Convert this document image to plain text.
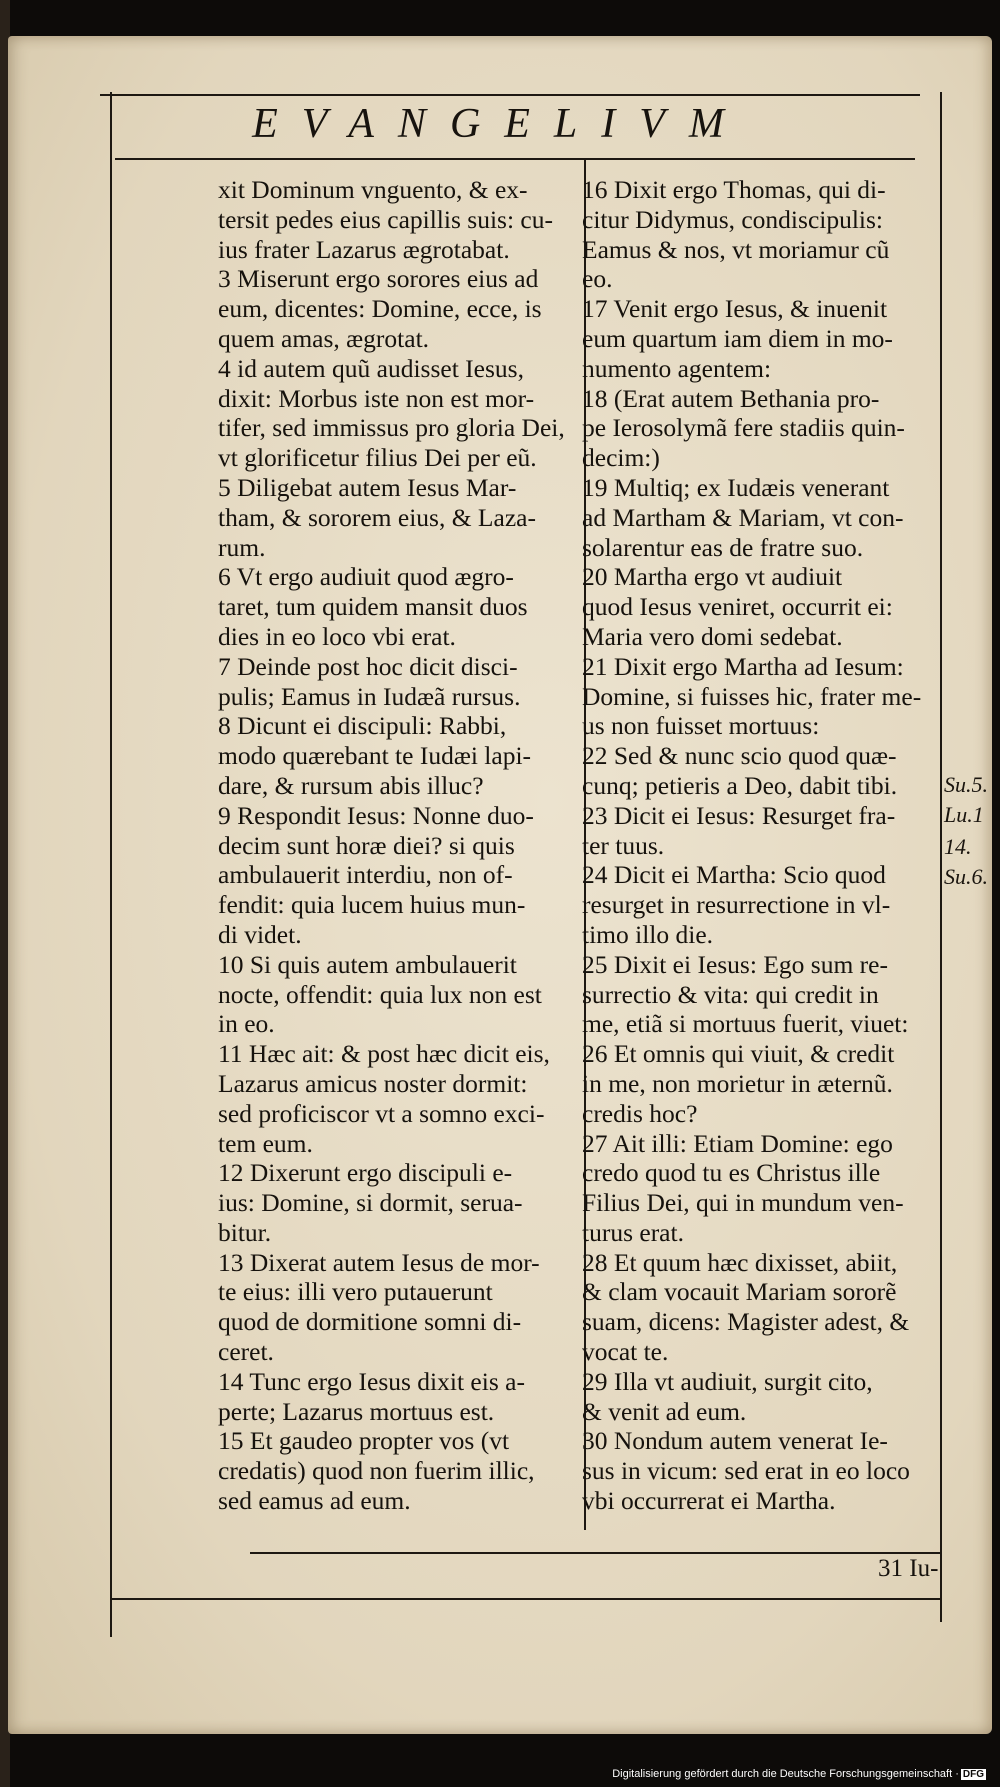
EVANGELIVM
xit Dominum vnguento, & ex-
tersit pedes eius capillis suis: cu-
ius frater Lazarus ægrotabat.
3 Miserunt ergo sorores eius ad
eum, dicentes: Domine, ecce, is
quem amas, ægrotat.
4 id autem quũ audisset Iesus,
dixit: Morbus iste non est mor-
tifer, sed immissus pro gloria Dei,
vt glorificetur filius Dei per eũ.
5 Diligebat autem Iesus Mar-
tham, & sororem eius, & Laza-
rum.
6 Vt ergo audiuit quod ægro-
taret, tum quidem mansit duos
dies in eo loco vbi erat.
7 Deinde post hoc dicit disci-
pulis; Eamus in Iudæã rursus.
8 Dicunt ei discipuli: Rabbi,
modo quærebant te Iudæi lapi-
dare, & rursum abis illuc?
9 Respondit Iesus: Nonne duo-
decim sunt horæ diei? si quis
ambulauerit interdiu, non of-
fendit: quia lucem huius mun-
di videt.
10 Si quis autem ambulauerit
nocte, offendit: quia lux non est
in eo.
11 Hæc ait: & post hæc dicit eis,
Lazarus amicus noster dormit:
sed proficiscor vt a somno exci-
tem eum.
12 Dixerunt ergo discipuli e-
ius: Domine, si dormit, serua-
bitur.
13 Dixerat autem Iesus de mor-
te eius: illi vero putauerunt
quod de dormitione somni di-
ceret.
14 Tunc ergo Iesus dixit eis a-
perte; Lazarus mortuus est.
15 Et gaudeo propter vos (vt
credatis) quod non fuerim illic,
sed eamus ad eum.
16 Dixit ergo Thomas, qui di-
citur Didymus, condiscipulis:
Eamus & nos, vt moriamur cũ
eo.
17 Venit ergo Iesus, & inuenit
eum quartum iam diem in mo-
numento agentem:
18 (Erat autem Bethania pro-
pe Ierosolymã fere stadiis quin-
decim:)
19 Multiq; ex Iudæis venerant
ad Martham & Mariam, vt con-
solarentur eas de fratre suo.
20 Martha ergo vt audiuit
quod Iesus veniret, occurrit ei:
Maria vero domi sedebat.
21 Dixit ergo Martha ad Iesum:
Domine, si fuisses hic, frater me-
us non fuisset mortuus:
22 Sed & nunc scio quod quæ-
cunq; petieris a Deo, dabit tibi.
23 Dicit ei Iesus: Resurget fra-
ter tuus.
24 Dicit ei Martha: Scio quod
resurget in resurrectione in vl-
timo illo die.
25 Dixit ei Iesus: Ego sum re-
surrectio & vita: qui credit in
me, etiã si mortuus fuerit, viuet:
26 Et omnis qui viuit, & credit
in me, non morietur in æternũ.
credis hoc?
27 Ait illi: Etiam Domine: ego
credo quod tu es Christus ille
Filius Dei, qui in mundum ven-
turus erat.
28 Et quum hæc dixisset, abiit,
& clam vocauit Mariam sororẽ
suam, dicens: Magister adest, &
vocat te.
29 Illa vt audiuit, surgit cito,
& venit ad eum.
30 Nondum autem venerat Ie-
sus in vicum: sed erat in eo loco
vbi occurrerat ei Martha.
Su.5.
Lu.1
14.
Su.6.
31 Iu-
Digitalisierung gefördert durch die Deutsche Forschungsgemeinschaft · DFG
